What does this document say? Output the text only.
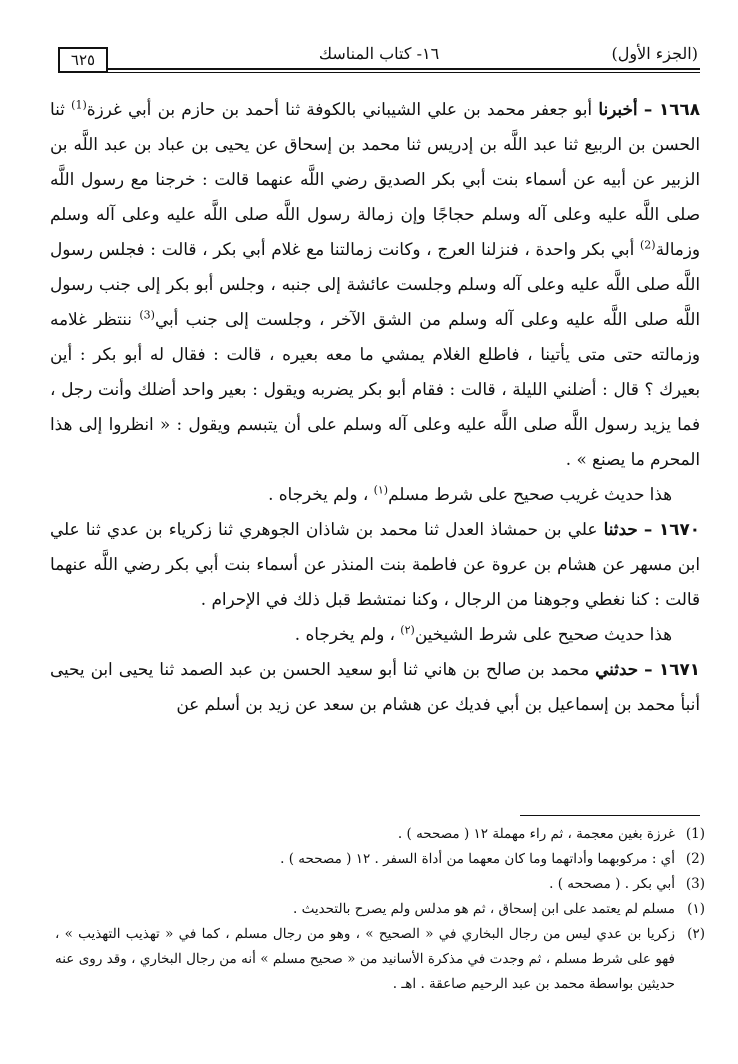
(الجزء الأول)
١٦- كتاب المناسك
٦٢٥

١٦٦٨ – أخبرنا أبو جعفر محمد بن علي الشيباني بالكوفة ثنا أحمد بن حازم بن أبي غرزة$^{(1)}$ ثنا الحسن بن الربيع ثنا عبد اللَّه بن إدريس ثنا محمد بن إسحاق عن يحيى بن عباد بن عبد اللَّه بن الزبير عن أبيه عن أسماء بنت أبي بكر الصديق رضي اللَّه عنهما قالت : خرجنا مع رسول اللَّه صلى اللَّه عليه وعلى آله وسلم حجاجًا وإن زمالة رسول اللَّه صلى اللَّه عليه وعلى آله وسلم وزمالة$^{(2)}$ أبي بكر واحدة ، فنزلنا العرج ، وكانت زمالتنا مع غلام أبي بكر ، قالت : فجلس رسول اللَّه صلى اللَّه عليه وعلى آله وسلم وجلست عائشة إلى جنبه ، وجلس أبو بكر إلى جنب رسول اللَّه صلى اللَّه عليه وعلى آله وسلم من الشق الآخر ، وجلست إلى جنب أبي$^{(3)}$ ننتظر غلامه وزمالته حتى متى يأتينا ، فاطلع الغلام يمشي ما معه بعيره ، قالت : فقال له أبو بكر : أين بعيرك ؟ قال : أضلني الليلة ، قالت : فقام أبو بكر يضربه ويقول : بعير واحد أضلك وأنت رجل ، فما يزيد رسول اللَّه صلى اللَّه عليه وعلى آله وسلم على أن يتبسم ويقول : « انظروا إلى هذا المحرم ما يصنع » .

هذا حديث غريب صحيح على شرط مسلم$^{(١)}$ ، ولم يخرجاه .

١٦٧٠ – حدثنا علي بن حمشاذ العدل ثنا محمد بن شاذان الجوهري ثنا زكرياء بن عدي ثنا علي ابن مسهر عن هشام بن عروة عن فاطمة بنت المنذر عن أسماء بنت أبي بكر رضي اللَّه عنهما قالت : كنا نغطي وجوهنا من الرجال ، وكنا نمتشط قبل ذلك في الإحرام .

هذا حديث صحيح على شرط الشيخين$^{(٢)}$ ، ولم يخرجاه .

١٦٧١ – حدثني محمد بن صالح بن هاني ثنا أبو سعيد الحسن بن عبد الصمد ثنا يحيى ابن يحيى أنبأ محمد بن إسماعيل بن أبي فديك عن هشام بن سعد عن زيد بن أسلم عن

(1)
غرزة بغين معجمة ، ثم راء مهملة ١٢ ( مصححه ) .
(2)
أي : مركوبهما وأداتهما وما كان معهما من أداة السفر . ١٢ ( مصححه ) .
(3)
أبي بكر . ( مصححه ) .
(١)
مسلم لم يعتمد على ابن إسحاق ، ثم هو مدلس ولم يصرح بالتحديث .
(٢)
زكريا بن عدي ليس من رجال البخاري في « الصحيح » ، وهو من رجال مسلم ، كما في « تهذيب التهذيب » ، فهو على شرط مسلم ، ثم وجدت في مذكرة الأسانيد من « صحيح مسلم » أنه من رجال البخاري ، وقد روى عنه حديثين بواسطة محمد بن عبد الرحيم صاعقة . اهـ .
